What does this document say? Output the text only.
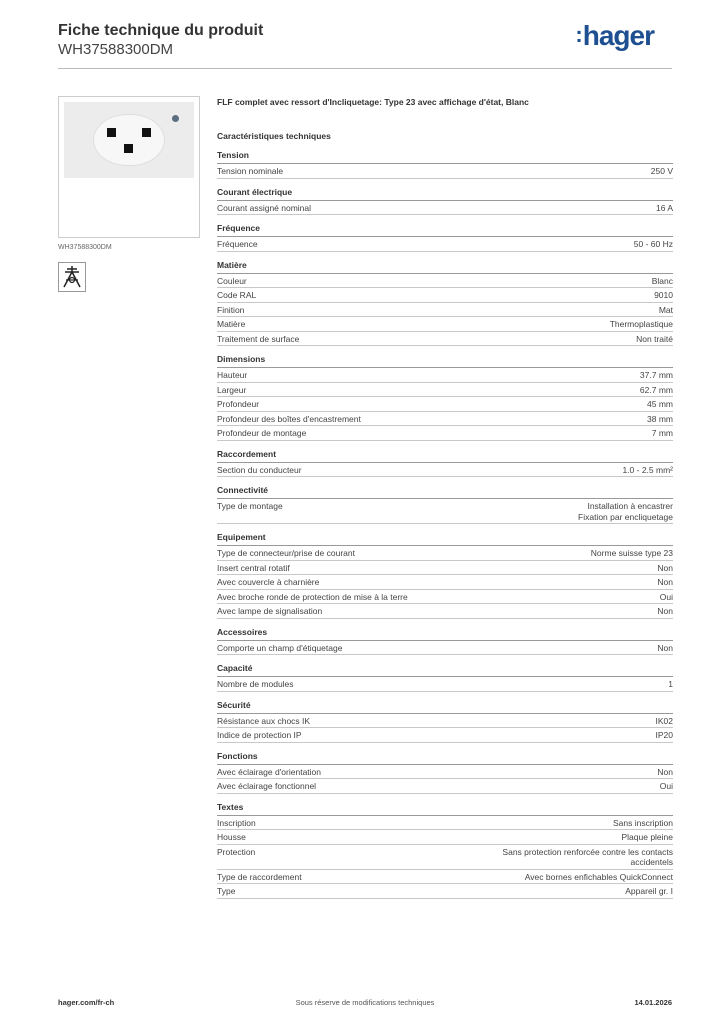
Fiche technique du produit
WH37588300DM
:hager
WH37588300DM
FLF complet avec ressort d'Incliquetage: Type 23 avec affichage d'état, Blanc
Caractéristiques techniques
Tension
Tension nominale	250 V
Courant électrique
Courant assigné nominal	16 A
Fréquence
Fréquence	50 - 60 Hz
Matière
Couleur	Blanc
Code RAL	9010
Finition	Mat
Matière	Thermoplastique
Traitement de surface	Non traité
Dimensions
Hauteur	37.7 mm
Largeur	62.7 mm
Profondeur	45 mm
Profondeur des boîtes d'encastrement	38 mm
Profondeur de montage	7 mm
Raccordement
Section du conducteur	1.0 - 2.5 mm²
Connectivité
Type de montage	Installation à encastrer
Fixation par encliquetage
Equipement
Type de connecteur/prise de courant	Norme suisse type 23
Insert central rotatif	Non
Avec couvercle à charnière	Non
Avec broche ronde de protection de mise à la terre	Oui
Avec lampe de signalisation	Non
Accessoires
Comporte un champ d'étiquetage	Non
Capacité
Nombre de modules	1
Sécurité
Résistance aux chocs IK	IK02
Indice de protection IP	IP20
Fonctions
Avec éclairage d'orientation	Non
Avec éclairage fonctionnel	Oui
Textes
Inscription	Sans inscription
Housse	Plaque pleine
Protection	Sans protection renforcée contre les contacts
accidentels
Type de raccordement	Avec bornes enfichables QuickConnect
Type	Appareil gr. I
hager.com/fr-ch	Sous réserve de modifications techniques	14.01.2026
